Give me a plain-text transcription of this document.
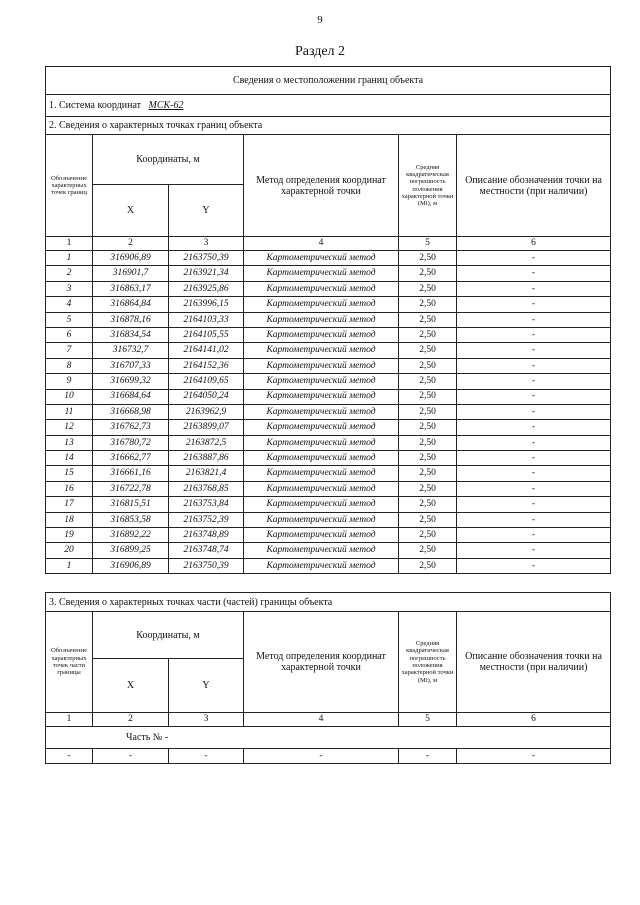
9
Раздел 2
Сведения о местоположении границ объекта					
1. Система координат МСК-62					
2. Сведения о характерных точках границ объекта					
Обозначение характерных точек границ	Координаты, м		Метод определения координат характерной точки	Средняя квадратическая погрешность положения характерной точки (Mt), м	Описание обозначения точки на местности (при наличии)
	X	Y			
1	2	3	4	5	6
1	316906,89	2163750,39	Картометрический метод	2,50	-
2	316901,7	2163921,34	Картометрический метод	2,50	-
3	316863,17	2163925,86	Картометрический метод	2,50	-
4	316864,84	2163996,15	Картометрический метод	2,50	-
5	316878,16	2164103,33	Картометрический метод	2,50	-
6	316834,54	2164105,55	Картометрический метод	2,50	-
7	316732,7	2164141,02	Картометрический метод	2,50	-
8	316707,33	2164152,36	Картометрический метод	2,50	-
9	316699,32	2164109,65	Картометрический метод	2,50	-
10	316684,64	2164050,24	Картометрический метод	2,50	-
11	316668,98	2163962,9	Картометрический метод	2,50	-
12	316762,73	2163899,07	Картометрический метод	2,50	-
13	316780,72	2163872,5	Картометрический метод	2,50	-
14	316662,77	2163887,86	Картометрический метод	2,50	-
15	316661,16	2163821,4	Картометрический метод	2,50	-
16	316722,78	2163768,85	Картометрический метод	2,50	-
17	316815,51	2163753,84	Картометрический метод	2,50	-
18	316853,58	2163752,39	Картометрический метод	2,50	-
19	316892,22	2163748,89	Картометрический метод	2,50	-
20	316899,25	2163748,74	Картометрический метод	2,50	-
1	316906,89	2163750,39	Картометрический метод	2,50	-
3. Сведения о характерных точках части (частей) границы объекта					
Обозначение характерных точек части границы	Координаты, м		Метод определения координат характерной точки	Средняя квадратическая погрешность положения характерной точки (Mt), м	Описание обозначения точки на местности (при наличии)
	X	Y			
1	2	3	4	5	6
Часть № -					
-	-	-	-	-	-
